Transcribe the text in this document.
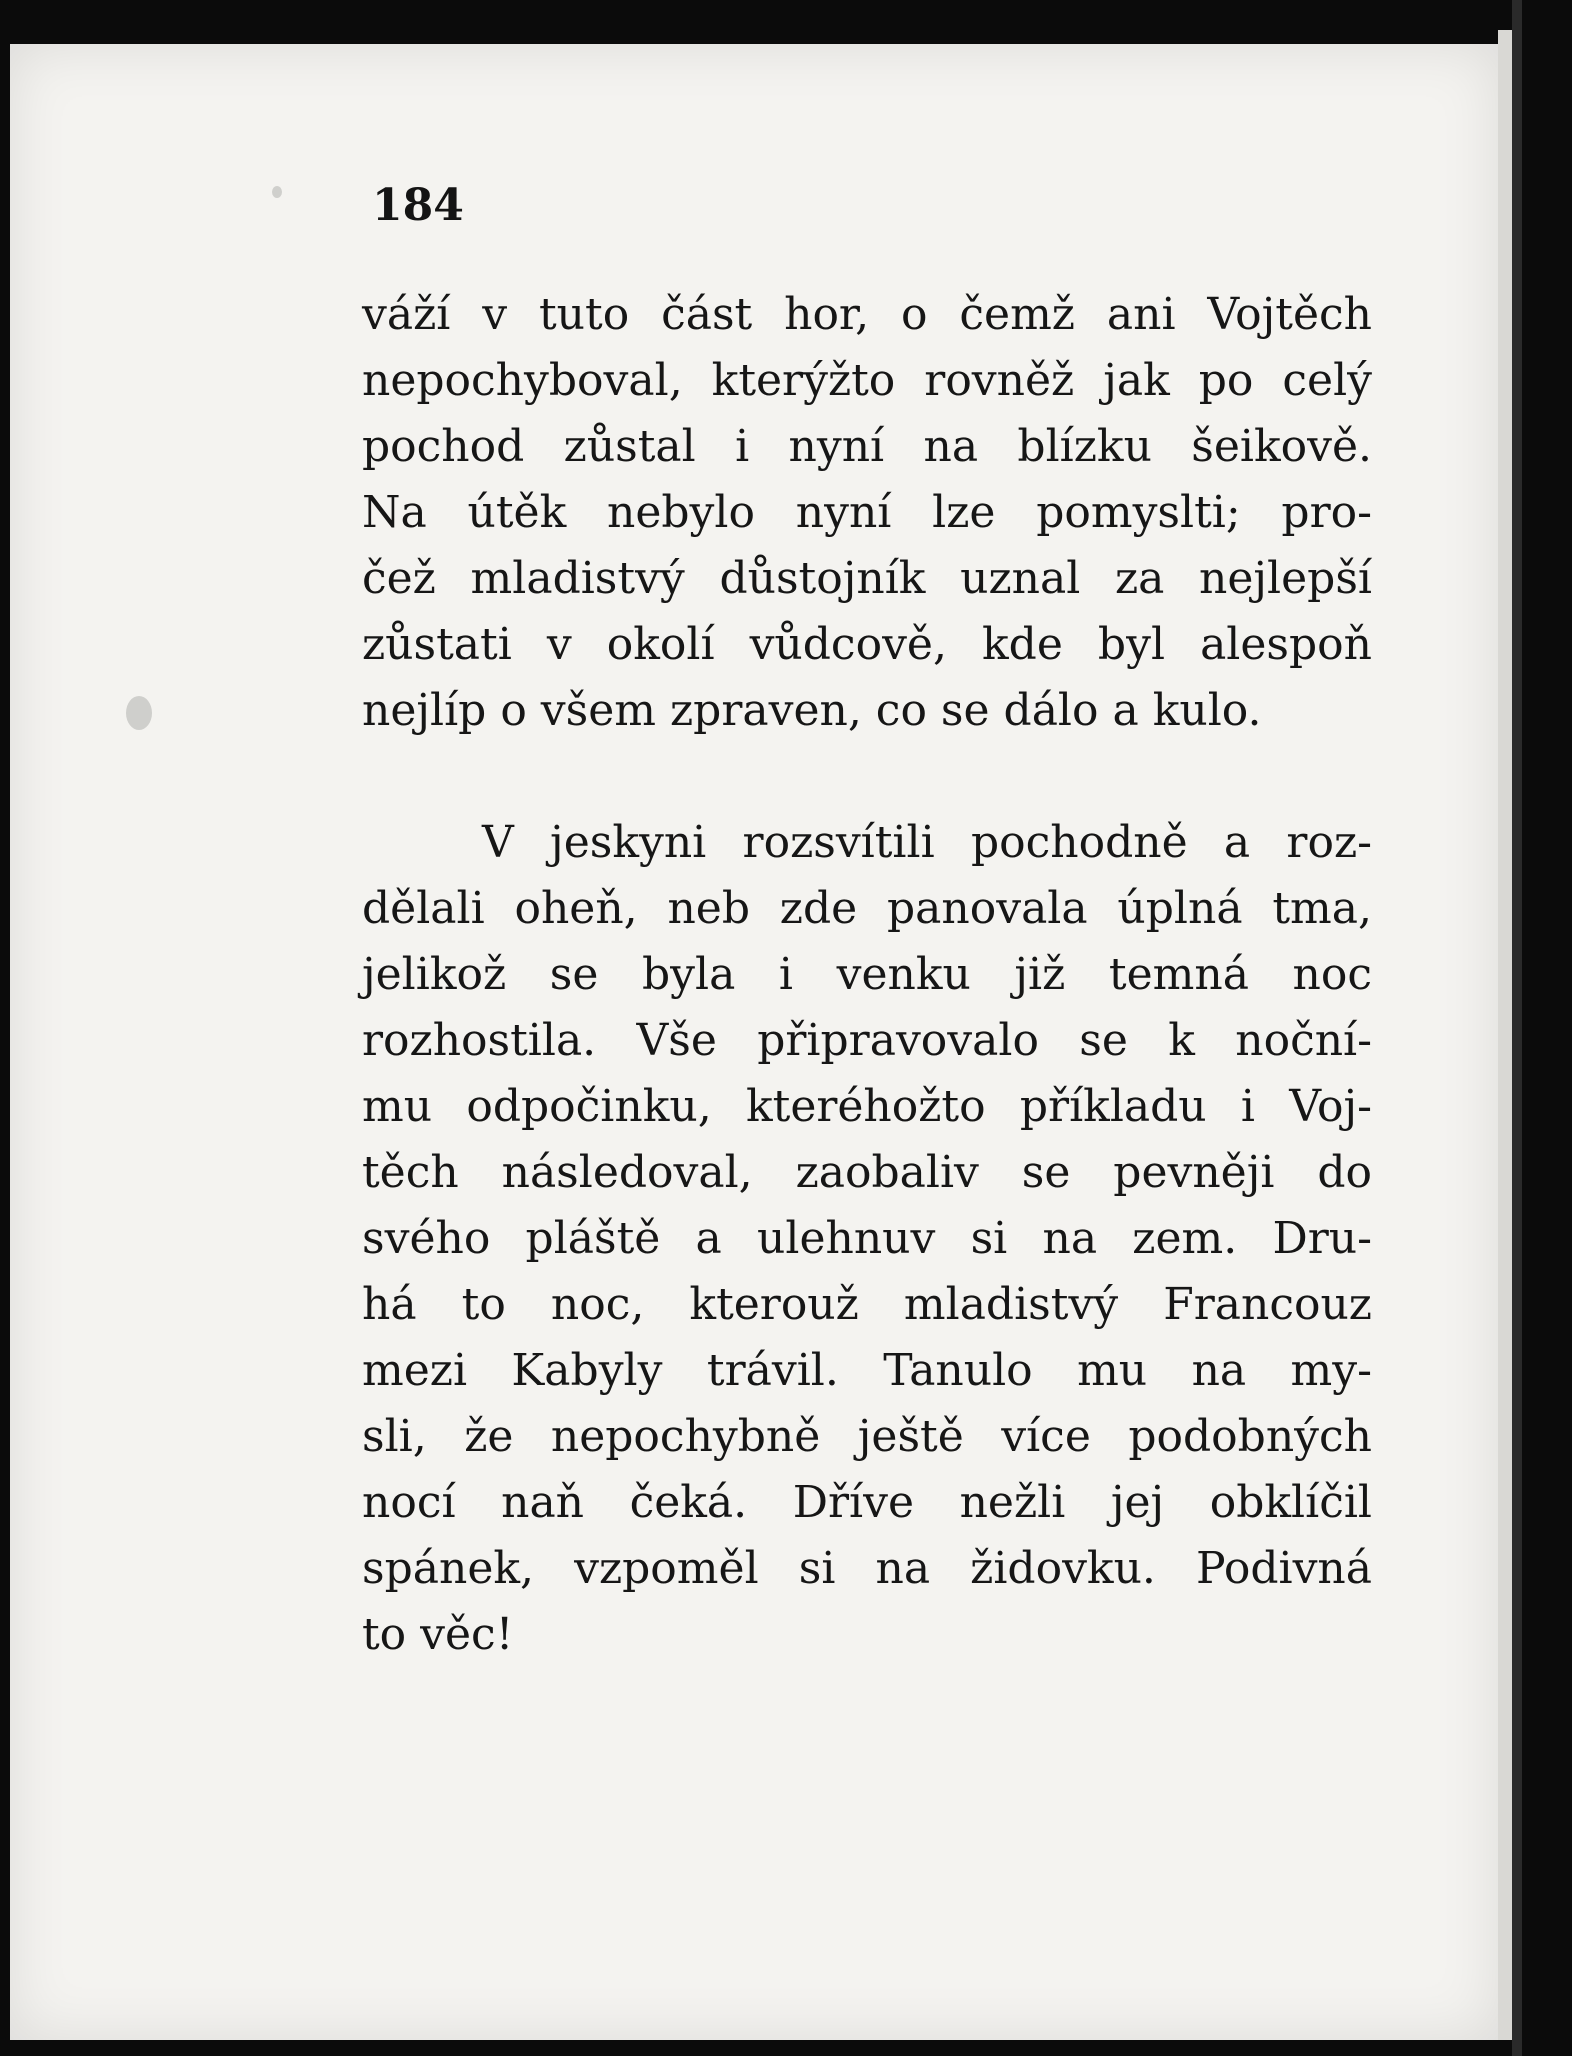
184

váží v tuto část hor, o čemž ani Vojtěch
nepochyboval, kterýžto rovněž jak po celý
pochod zůstal i nyní na blízku šeikově.
Na útěk nebylo nyní lze pomyslti; pro-
čež mladistvý důstojník uznal za nejlepší
zůstati v okolí vůdcově, kde byl alespoň
nejlíp o všem zpraven, co se dálo a kulo.
V jeskyni rozsvítili pochodně a roz-
dělali oheň, neb zde panovala úplná tma,
jelikož se byla i venku již temná noc
rozhostila. Vše připravovalo se k noční-
mu odpočinku, kteréhožto příkladu i Voj-
těch následoval, zaobaliv se pevněji do
svého pláště a ulehnuv si na zem. Dru-
há to noc, kterouž mladistvý Francouz
mezi Kabyly trávil. Tanulo mu na my-
sli, že nepochybně ještě více podobných
nocí naň čeká. Dříve nežli jej obklíčil
spánek, vzpoměl si na židovku. Podivná
to věc!
